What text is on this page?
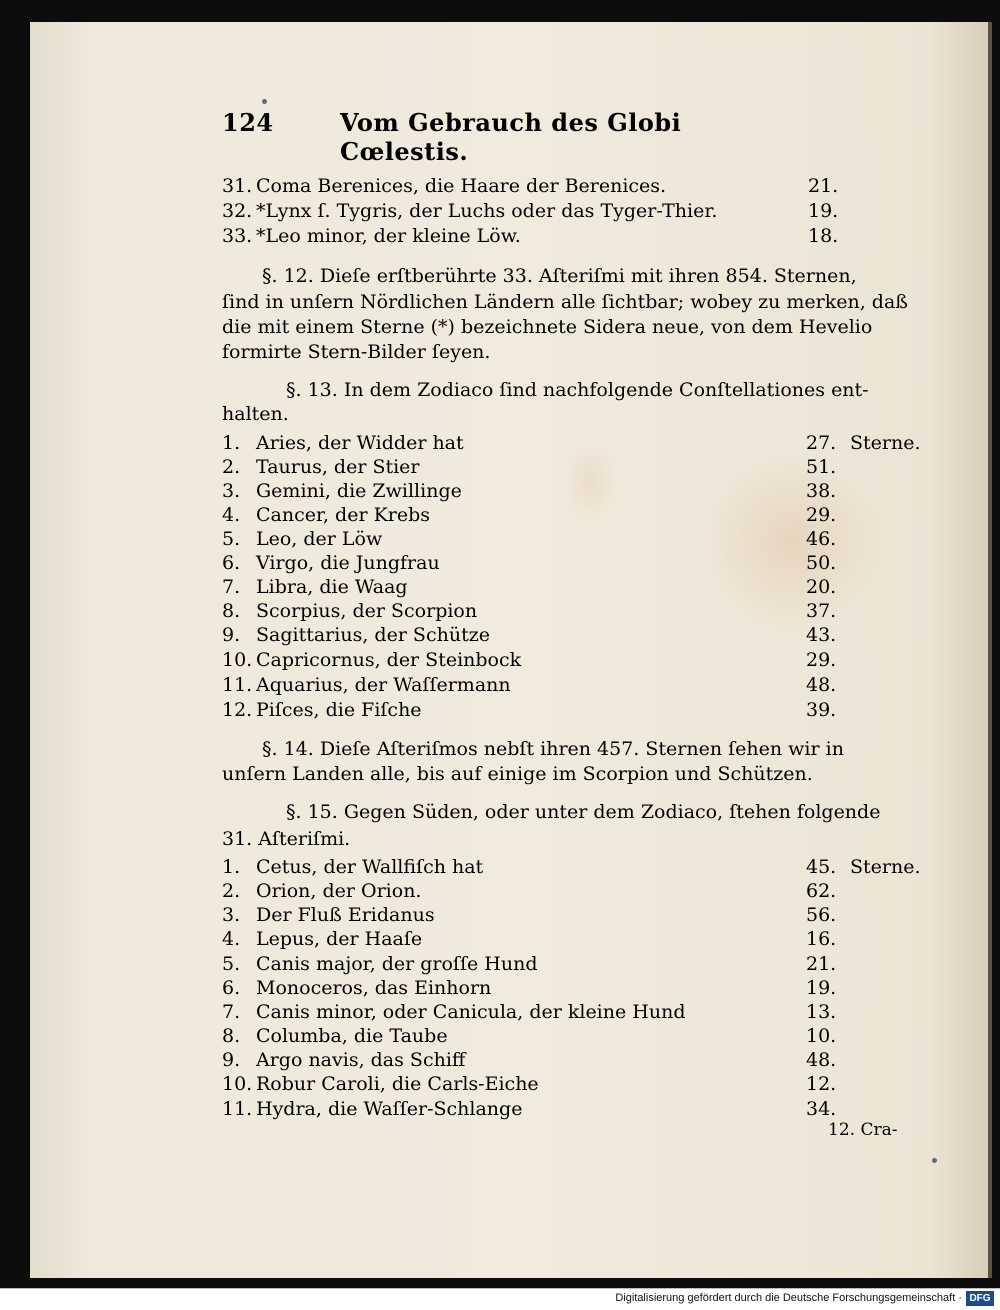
124	Vom Gebrauch des Globi Cœlestis.
31. Coma Berenices, die Haare der Berenices.	21.
32. *Lynx ſ. Tygris, der Luchs oder das Tyger-Thier.	19.
33. *Leo minor, der kleine Löw.	18.
§. 12. Dieſe erſtberührte 33. Aſteriſmi mit ihren 854. Sternen,
ſind in unſern Nördlichen Ländern alle ſichtbar; wobey zu merken, daß
die mit einem Sterne (*) bezeichnete Sidera neue, von dem Hevelio
formirte Stern-Bilder ſeyen.
§. 13. In dem Zodiaco ſind nachfolgende Conſtellationes ent-
halten.
1. Aries, der Widder hat	27. Sterne.
2. Taurus, der Stier	51.
3. Gemini, die Zwillinge	38.
4. Cancer, der Krebs	29.
5. Leo, der Löw	46.
6. Virgo, die Jungfrau	50.
7. Libra, die Waag	20.
8. Scorpius, der Scorpion	37.
9. Sagittarius, der Schütze	43.
10. Capricornus, der Steinbock	29.
11. Aquarius, der Waſſermann	48.
12. Piſces, die Fiſche	39.
§. 14. Dieſe Aſteriſmos nebſt ihren 457. Sternen ſehen wir in
unſern Landen alle, bis auf einige im Scorpion und Schützen.
§. 15. Gegen Süden, oder unter dem Zodiaco, ſtehen folgende
31. Aſteriſmi.
1. Cetus, der Wallfiſch hat	45. Sterne.
2. Orion, der Orion.	62.
3. Der Fluß Eridanus	56.
4. Lepus, der Haaſe	16.
5. Canis major, der groſſe Hund	21.
6. Monoceros, das Einhorn	19.
7. Canis minor, oder Canicula, der kleine Hund	13.
8. Columba, die Taube	10.
9. Argo navis, das Schiff	48.
10. Robur Caroli, die Carls-Eiche	12.
11. Hydra, die Waſſer-Schlange	34.
12. Cra-
Digitalisierung gefördert durch die Deutsche Forschungsgemeinschaft · DFG
